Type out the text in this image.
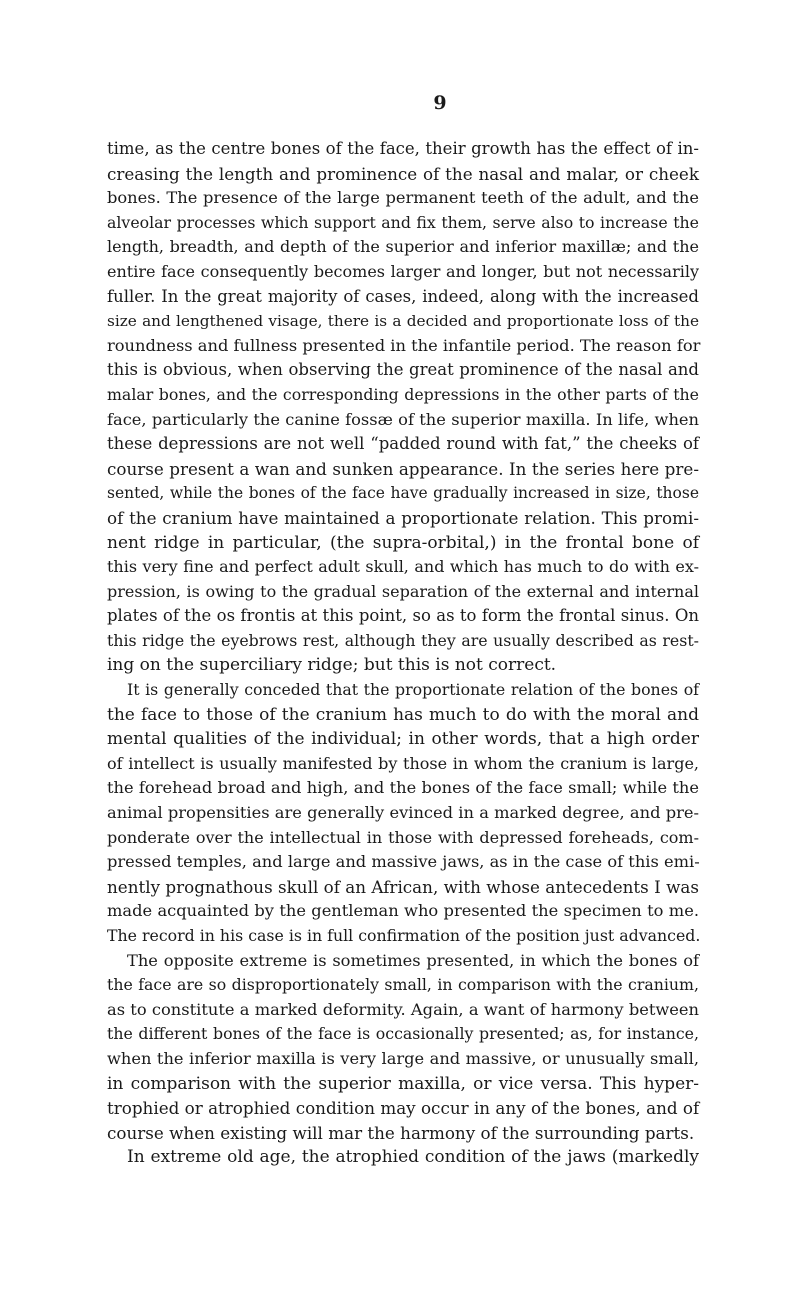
9
time, as the centre bones of the face, their growth has the effect of in-
creasing the length and prominence of the nasal and malar, or cheek
bones. The presence of the large permanent teeth of the adult, and the
alveolar processes which support and fix them, serve also to increase the
length, breadth, and depth of the superior and inferior maxillæ; and the
entire face consequently becomes larger and longer, but not necessarily
fuller. In the great majority of cases, indeed, along with the increased
size and lengthened visage, there is a decided and proportionate loss of the
roundness and fullness presented in the infantile period. The reason for
this is obvious, when observing the great prominence of the nasal and
malar bones, and the corresponding depressions in the other parts of the
face, particularly the canine fossæ of the superior maxilla. In life, when
these depressions are not well “padded round with fat,” the cheeks of
course present a wan and sunken appearance. In the series here pre-
sented, while the bones of the face have gradually increased in size, those
of the cranium have maintained a proportionate relation. This promi-
nent ridge in particular, (the supra-orbital,) in the frontal bone of
this very fine and perfect adult skull, and which has much to do with ex-
pression, is owing to the gradual separation of the external and internal
plates of the os frontis at this point, so as to form the frontal sinus. On
this ridge the eyebrows rest, although they are usually described as rest-
ing on the superciliary ridge; but this is not correct.
It is generally conceded that the proportionate relation of the bones of
the face to those of the cranium has much to do with the moral and
mental qualities of the individual; in other words, that a high order
of intellect is usually manifested by those in whom the cranium is large,
the forehead broad and high, and the bones of the face small; while the
animal propensities are generally evinced in a marked degree, and pre-
ponderate over the intellectual in those with depressed foreheads, com-
pressed temples, and large and massive jaws, as in the case of this emi-
nently prognathous skull of an African, with whose antecedents I was
made acquainted by the gentleman who presented the specimen to me.
The record in his case is in full confirmation of the position just advanced.
The opposite extreme is sometimes presented, in which the bones of
the face are so disproportionately small, in comparison with the cranium,
as to constitute a marked deformity. Again, a want of harmony between
the different bones of the face is occasionally presented; as, for instance,
when the inferior maxilla is very large and massive, or unusually small,
in comparison with the superior maxilla, or vice versa. This hyper-
trophied or atrophied condition may occur in any of the bones, and of
course when existing will mar the harmony of the surrounding parts.
In extreme old age, the atrophied condition of the jaws (markedly
